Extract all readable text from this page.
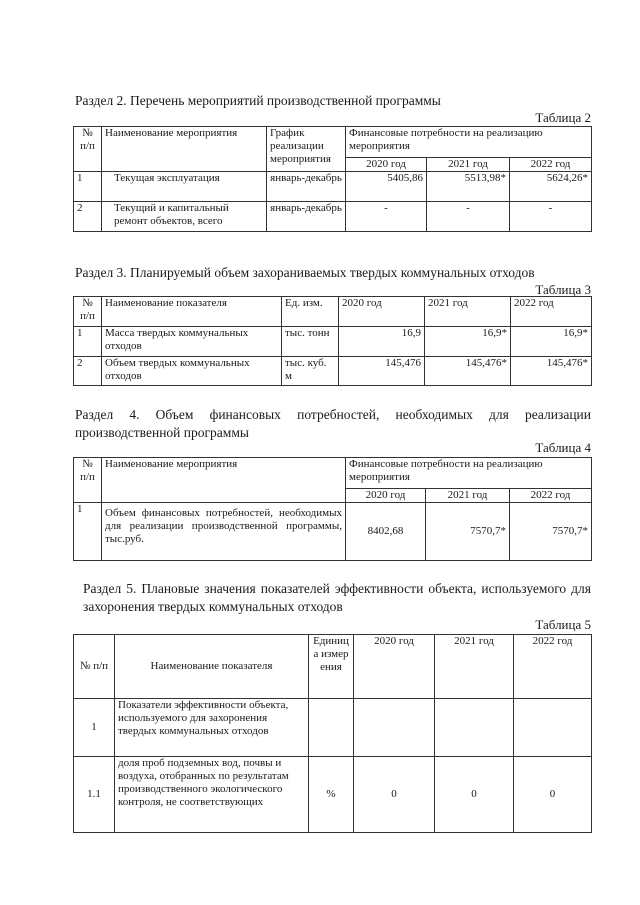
Раздел 2. Перечень мероприятий производственной программы
Таблица 2
№ п/п	Наименование мероприятия	График реализации мероприятия	Финансовые потребности на реализацию мероприятия		
			2020 год	2021 год	2022 год
1	Текущая эксплуатация	январь-декабрь	5405,86	5513,98*	5624,26*
2	Текущий и капитальный ремонт объектов, всего	январь-декабрь	-	-	-
Раздел 3. Планируемый объем захораниваемых твердых коммунальных отходов
Таблица 3
№ п/п	Наименование показателя	Ед. изм.	2020 год	2021 год	2022 год
1	Масса твердых коммунальных отходов	тыс. тонн	16,9	16,9*	16,9*
2	Объем твердых коммунальных отходов	тыс. куб. м	145,476	145,476*	145,476*
Раздел 4. Объем финансовых потребностей, необходимых для реализации производственной программы
Таблица 4
№ п/п	Наименование мероприятия	Финансовые потребности на реализацию мероприятия		
		2020 год	2021 год	2022 год
1	Объем финансовых потребностей, необходимых для реализации производственной программы, тыс.руб.	8402,68	7570,7*	7570,7*
Раздел 5. Плановые значения показателей эффективности объекта, используемого для захоронения твердых коммунальных отходов
Таблица 5
№ п/п	Наименование показателя	Единица измерения	2020 год	2021 год	2022 год
1	Показатели эффективности объекта, используемого для захоронения твердых коммунальных отходов				
1.1	доля проб подземных вод, почвы и воздуха, отобранных по результатам производственного экологического контроля, не соответствующих	%	0	0	0
